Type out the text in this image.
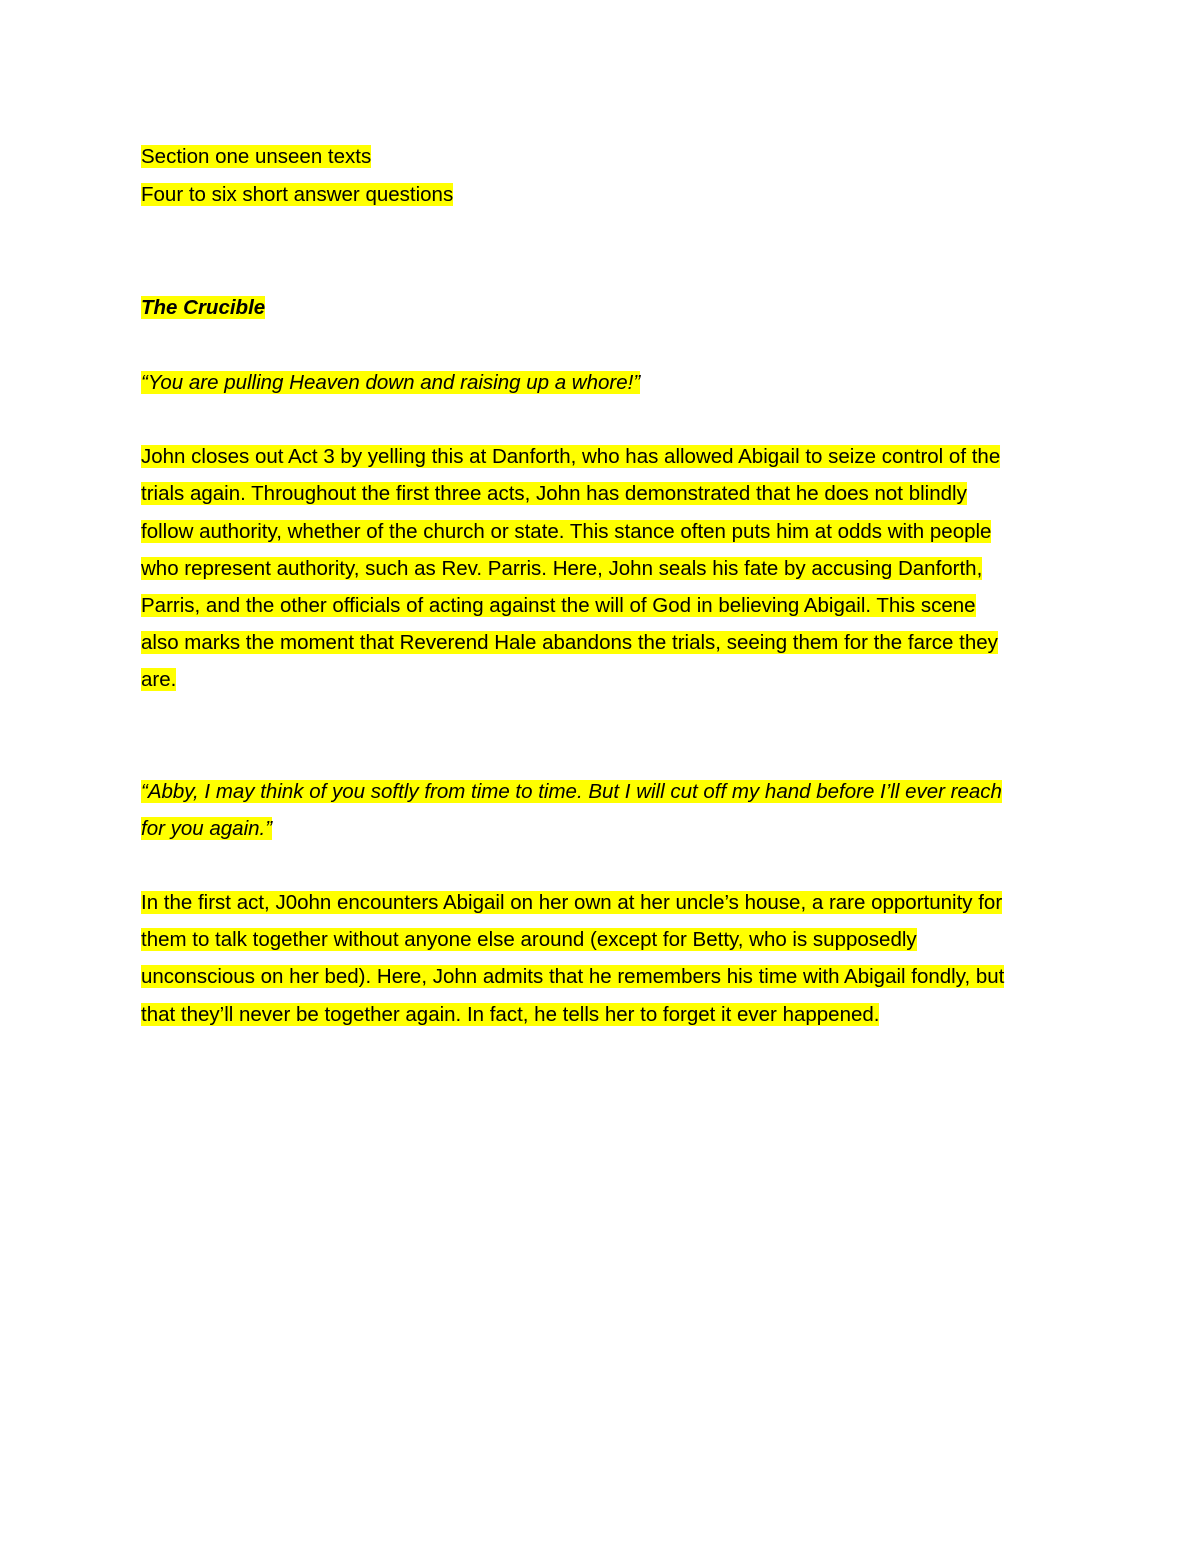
Section one unseen texts
Four to six short answer questions
The Crucible
“You are pulling Heaven down and raising up a whore!”
John closes out Act 3 by yelling this at Danforth, who has allowed Abigail to seize control of the
trials again. Throughout the first three acts, John has demonstrated that he does not blindly
follow authority, whether of the church or state. This stance often puts him at odds with people
who represent authority, such as Rev. Parris. Here, John seals his fate by accusing Danforth,
Parris, and the other officials of acting against the will of God in believing Abigail. This scene
also marks the moment that Reverend Hale abandons the trials, seeing them for the farce they
are.
“Abby, I may think of you softly from time to time. But I will cut off my hand before I’ll ever reach
for you again.”
In the first act, J0ohn encounters Abigail on her own at her uncle’s house, a rare opportunity for
them to talk together without anyone else around (except for Betty, who is supposedly
unconscious on her bed). Here, John admits that he remembers his time with Abigail fondly, but
that they’ll never be together again. In fact, he tells her to forget it ever happened.
